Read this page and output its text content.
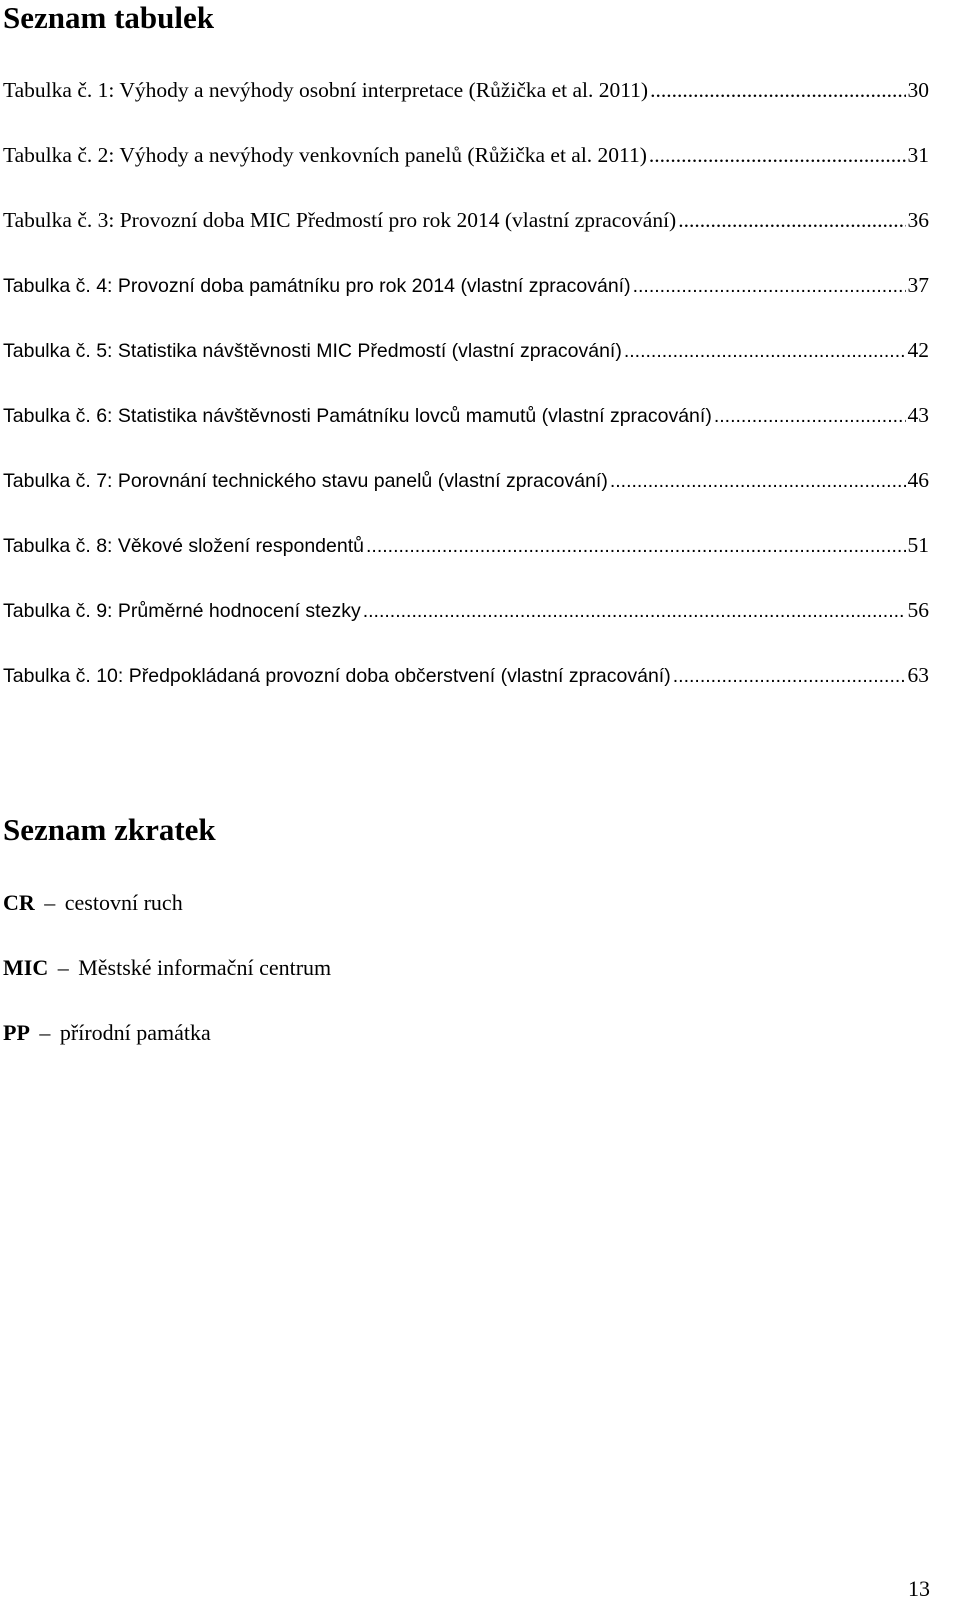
Seznam tabulek
Tabulka č. 1: Výhody a nevýhody osobní interpretace (Růžička et al. 2011) .....	30
Tabulka č. 2: Výhody a nevýhody venkovních panelů (Růžička et al. 2011) .....	31
Tabulka č. 3: Provozní doba MIC Předmostí pro rok 2014 (vlastní zpracování) .....	36
Tabulka č. 4: Provozní doba památníku pro rok 2014 (vlastní zpracování) .....	37
Tabulka č. 5: Statistika návštěvnosti MIC Předmostí (vlastní zpracování) .....	42
Tabulka č. 6: Statistika návštěvnosti Památníku lovců mamutů (vlastní zpracování) .....	43
Tabulka č. 7: Porovnání technického stavu panelů (vlastní zpracování) .....	46
Tabulka č. 8: Věkové složení respondentů .....	51
Tabulka č. 9: Průměrné hodnocení stezky .....	56
Tabulka č. 10: Předpokládaná provozní doba občerstvení (vlastní zpracování) .....	63
Seznam zkratek
CR – cestovní ruch
MIC – Městské informační centrum
PP – přírodní památka
13
